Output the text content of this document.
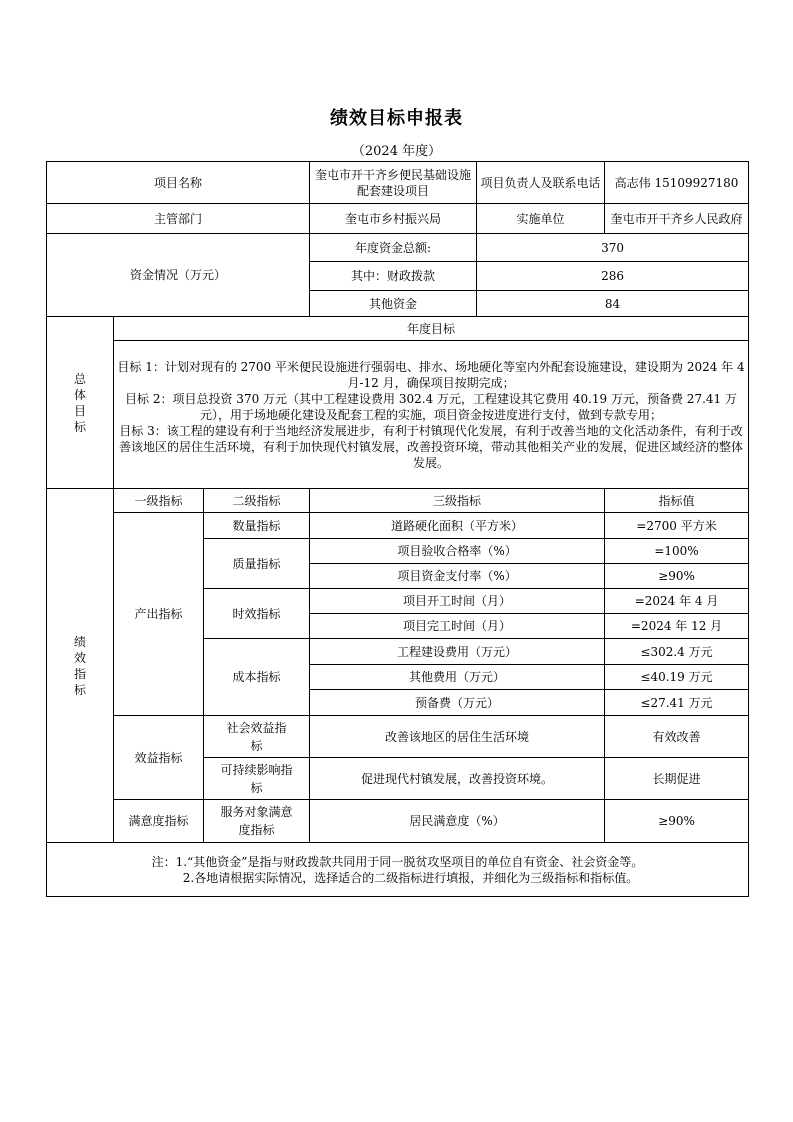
绩效目标申报表
（2024 年度）
项目名称			奎屯市开干齐乡便民基础设施配套建设项目	项目负责人及联系电话	高志伟 15109927180
主管部门			奎屯市乡村振兴局	实施单位	奎屯市开干齐乡人民政府
资金情况（万元）			年度资金总额:	370	
			其中：财政拨款	286	
			其他资金	84	
总体目标	年度目标				

	目标 1：计划对现有的 2700 平米便民设施进行强弱电、排水、场地硬化等室内外配套设施建设，建设期为 2024 年 4 月-12 月，确保项目按期完成；

目标 2：项目总投资 370 万元（其中工程建设费用 302.4 万元，工程建设其它费用 40.19 万元，预备费 27.41 万元），用于场地硬化建设及配套工程的实施，项目资金按进度进行支付，做到专款专用；

目标 3：该工程的建设有利于当地经济发展进步，有利于村镇现代化发展，有利于改善当地的文化活动条件，有利于改善该地区的居住生活环境，有利于加快现代村镇发展，改善投资环境，带动其他相关产业的发展，促进区域经济的整体发展。				

绩效指标	一级指标	二级指标	三级指标		指标值
	产出指标	数量指标	道路硬化面积（平方米）		=2700 平方米
		质量指标	项目验收合格率（%）		=100%
			项目资金支付率（%）		≥90%
		时效指标	项目开工时间（月）		=2024 年 4 月
			项目完工时间（月）		=2024 年 12 月
		成本指标	工程建设费用（万元）		≤302.4 万元
			其他费用（万元）		≤40.19 万元
			预备费（万元）		≤27.41 万元
	效益指标	社会效益指标	改善该地区的居住生活环境		有效改善

		可持续影响指标	促进现代村镇发展，改善投资环境。		长期促进

	满意度指标	服务对象满意度指标	居民满意度（%）		≥90%

注：1.“其他资金”是指与财政拨款共同用于同一脱贫攻坚项目的单位自有资金、社会资金等。

2.各地请根据实际情况，选择适合的二级指标进行填报，并细化为三级指标和指标值。					
